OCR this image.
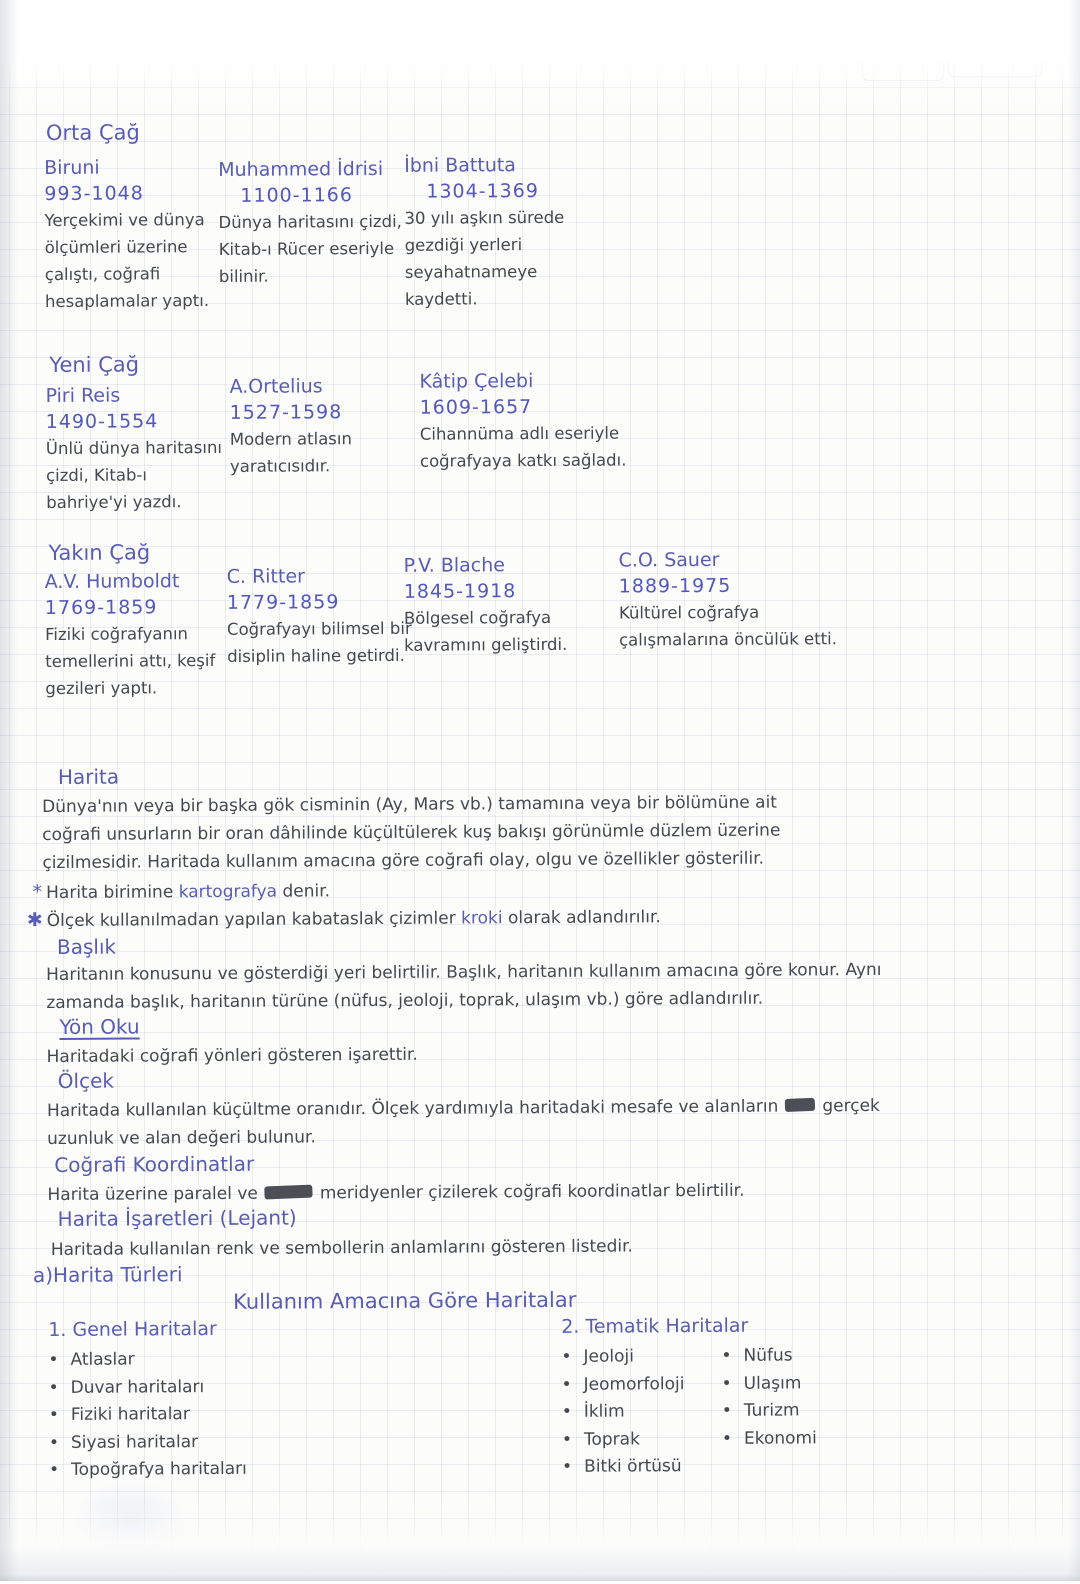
Orta Çağ
Biruni
993-1048
Yerçekimi ve dünya ölçümleri üzerine çalıştı, coğrafi hesaplamalar yaptı.
Muhammed İdrisi
1100-1166
Dünya haritasını çizdi, Kitab-ı Rücer eseriyle bilinir.
İbni Battuta
1304-1369
30 yılı aşkın sürede gezdiği yerleri seyahatnameye kaydetti.
Yeni Çağ
Piri Reis
1490-1554
Ünlü dünya haritasını çizdi, Kitab-ı bahriye'yi yazdı.
A.Ortelius
1527-1598
Modern atlasın yaratıcısıdır.
Kâtip Çelebi
1609-1657
Cihannüma adlı eseriyle coğrafyaya katkı sağladı.
Yakın Çağ
A.V. Humboldt
1769-1859
Fiziki coğrafyanın temellerini attı, keşif gezileri yaptı.
C. Ritter
1779-1859
Coğrafyayı bilimsel bir disiplin haline getirdi.
P.V. Blache
1845-1918
Bölgesel coğrafya kavramını geliştirdi.
C.O. Sauer
1889-1975
Kültürel coğrafya çalışmalarına öncülük etti.
Harita
Dünya'nın veya bir başka gök cisminin (Ay, Mars vb.) tamamına veya bir bölümüne ait
coğrafi unsurların bir oran dâhilinde küçültülerek kuş bakışı görünümle düzlem üzerine
çizilmesidir. Haritada kullanım amacına göre coğrafi olay, olgu ve özellikler gösterilir.
* Harita birimine kartografya denir.
✱ Ölçek kullanılmadan yapılan kabataslak çizimler kroki olarak adlandırılır.
Başlık
Haritanın konusunu ve gösterdiği yeri belirtilir. Başlık, haritanın kullanım amacına göre konur. Aynı
zamanda başlık, haritanın türüne (nüfus, jeoloji, toprak, ulaşım vb.) göre adlandırılır.
Yön Oku
Haritadaki coğrafi yönleri gösteren işarettir.
Ölçek
Haritada kullanılan küçültme oranıdır. Ölçek yardımıyla haritadaki mesafe ve alanların	gerçek
uzunluk ve alan değeri bulunur.
Coğrafi Koordinatlar
Harita üzerine paralel ve	meridyenler çizilerek coğrafi koordinatlar belirtilir.
Harita İşaretleri (Lejant)
Haritada kullanılan renk ve sembollerin anlamlarını gösteren listedir.
a)Harita Türleri
Kullanım Amacına Göre Haritalar
1. Genel Haritalar
• Atlaslar
• Duvar haritaları
• Fiziki haritalar
• Siyasi haritalar
• Topoğrafya haritaları
2. Tematik Haritalar
• Jeoloji
• Jeomorfoloji
• İklim
• Toprak
• Bitki örtüsü
• Nüfus
• Ulaşım
• Turizm
• Ekonomi
